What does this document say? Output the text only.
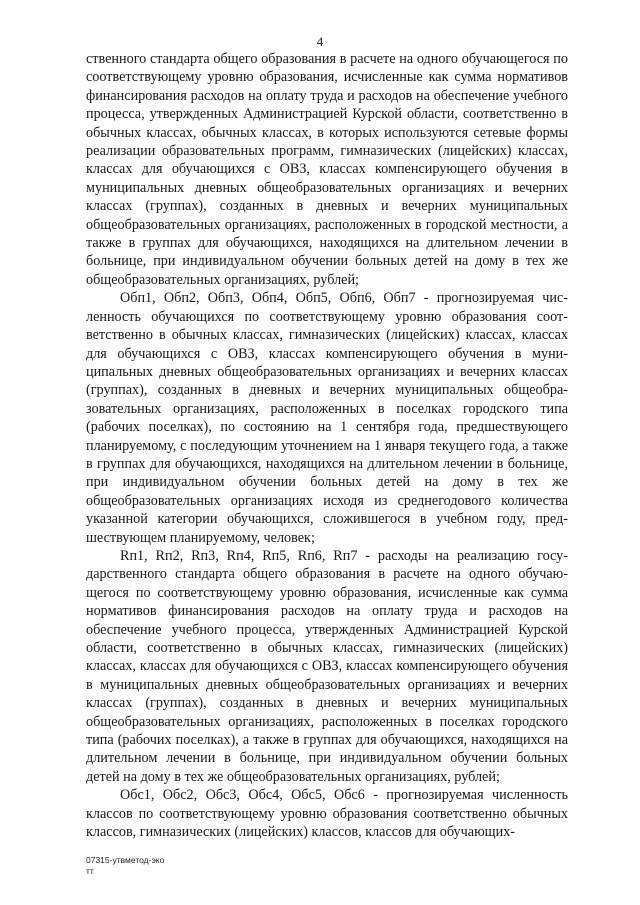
4

ственного стандарта общего образования в расчете на одного обучающегося по соответствующему уровню образования, исчисленные как сумма нормативов финансирования расходов на оплату труда и расходов на обеспечение учебного процесса, утвержденных Администрацией Курской области, соответственно в обычных классах, обычных классах, в которых используются сетевые формы реализации образовательных программ, гимназических (лицейских) классах, классах для обучающихся с ОВЗ, классах компенсирующего обучения в муниципальных дневных общеобразовательных организациях и вечерних классах (группах), созданных в дневных и вечерних муниципальных общеобразовательных организациях, расположенных в городской местности, а также в группах для обучающихся, находящихся на длительном лечении в больнице, при индивидуальном обучении больных детей на дому в тех же общеобразовательных организациях, рублей;

Обп1, Обп2, Обп3, Обп4, Обп5, Обп6, Обп7 - прогнозируемая численность обучающихся по соответствующему уровню образования соответственно в обычных классах, гимназических (лицейских) классах, классах для обучающихся с ОВЗ, классах компенсирующего обучения в муниципальных дневных общеобразовательных организациях и вечерних классах (группах), созданных в дневных и вечерних муниципальных общеобразовательных организациях, расположенных в поселках городского типа (рабочих поселках), по состоянию на 1 сентября года, предшествующего планируемому, с последующим уточнением на 1 января текущего года, а также в группах для обучающихся, находящихся на длительном лечении в больнице, при индивидуальном обучении больных детей на дому в тех же общеобразовательных организациях исходя из среднегодового количества указанной категории обучающихся, сложившегося в учебном году, предшествующем планируемому, человек;

Rп1, Rп2, Rп3, Rп4, Rп5, Rп6, Rп7 - расходы на реализацию государственного стандарта общего образования в расчете на одного обучающегося по соответствующему уровню образования, исчисленные как сумма нормативов финансирования расходов на оплату труда и расходов на обеспечение учебного процесса, утвержденных Администрацией Курской области, соответственно в обычных классах, гимназических (лицейских) классах, классах для обучающихся с ОВЗ, классах компенсирующего обучения в муниципальных дневных общеобразовательных организациях и вечерних классах (группах), созданных в дневных и вечерних муниципальных общеобразовательных организациях, расположенных в поселках городского типа (рабочих поселках), а также в группах для обучающихся, находящихся на длительном лечении в больнице, при индивидуальном обучении больных детей на дому в тех же общеобразовательных организациях, рублей;

Обс1, Обс2, Обс3, Обс4, Обс5, Обс6 - прогнозируемая численность классов по соответствующему уровню образования соответственно обычных классов, гимназических (лицейских) классов, классов для обучающих-

07315-утвметод-эко
тт
